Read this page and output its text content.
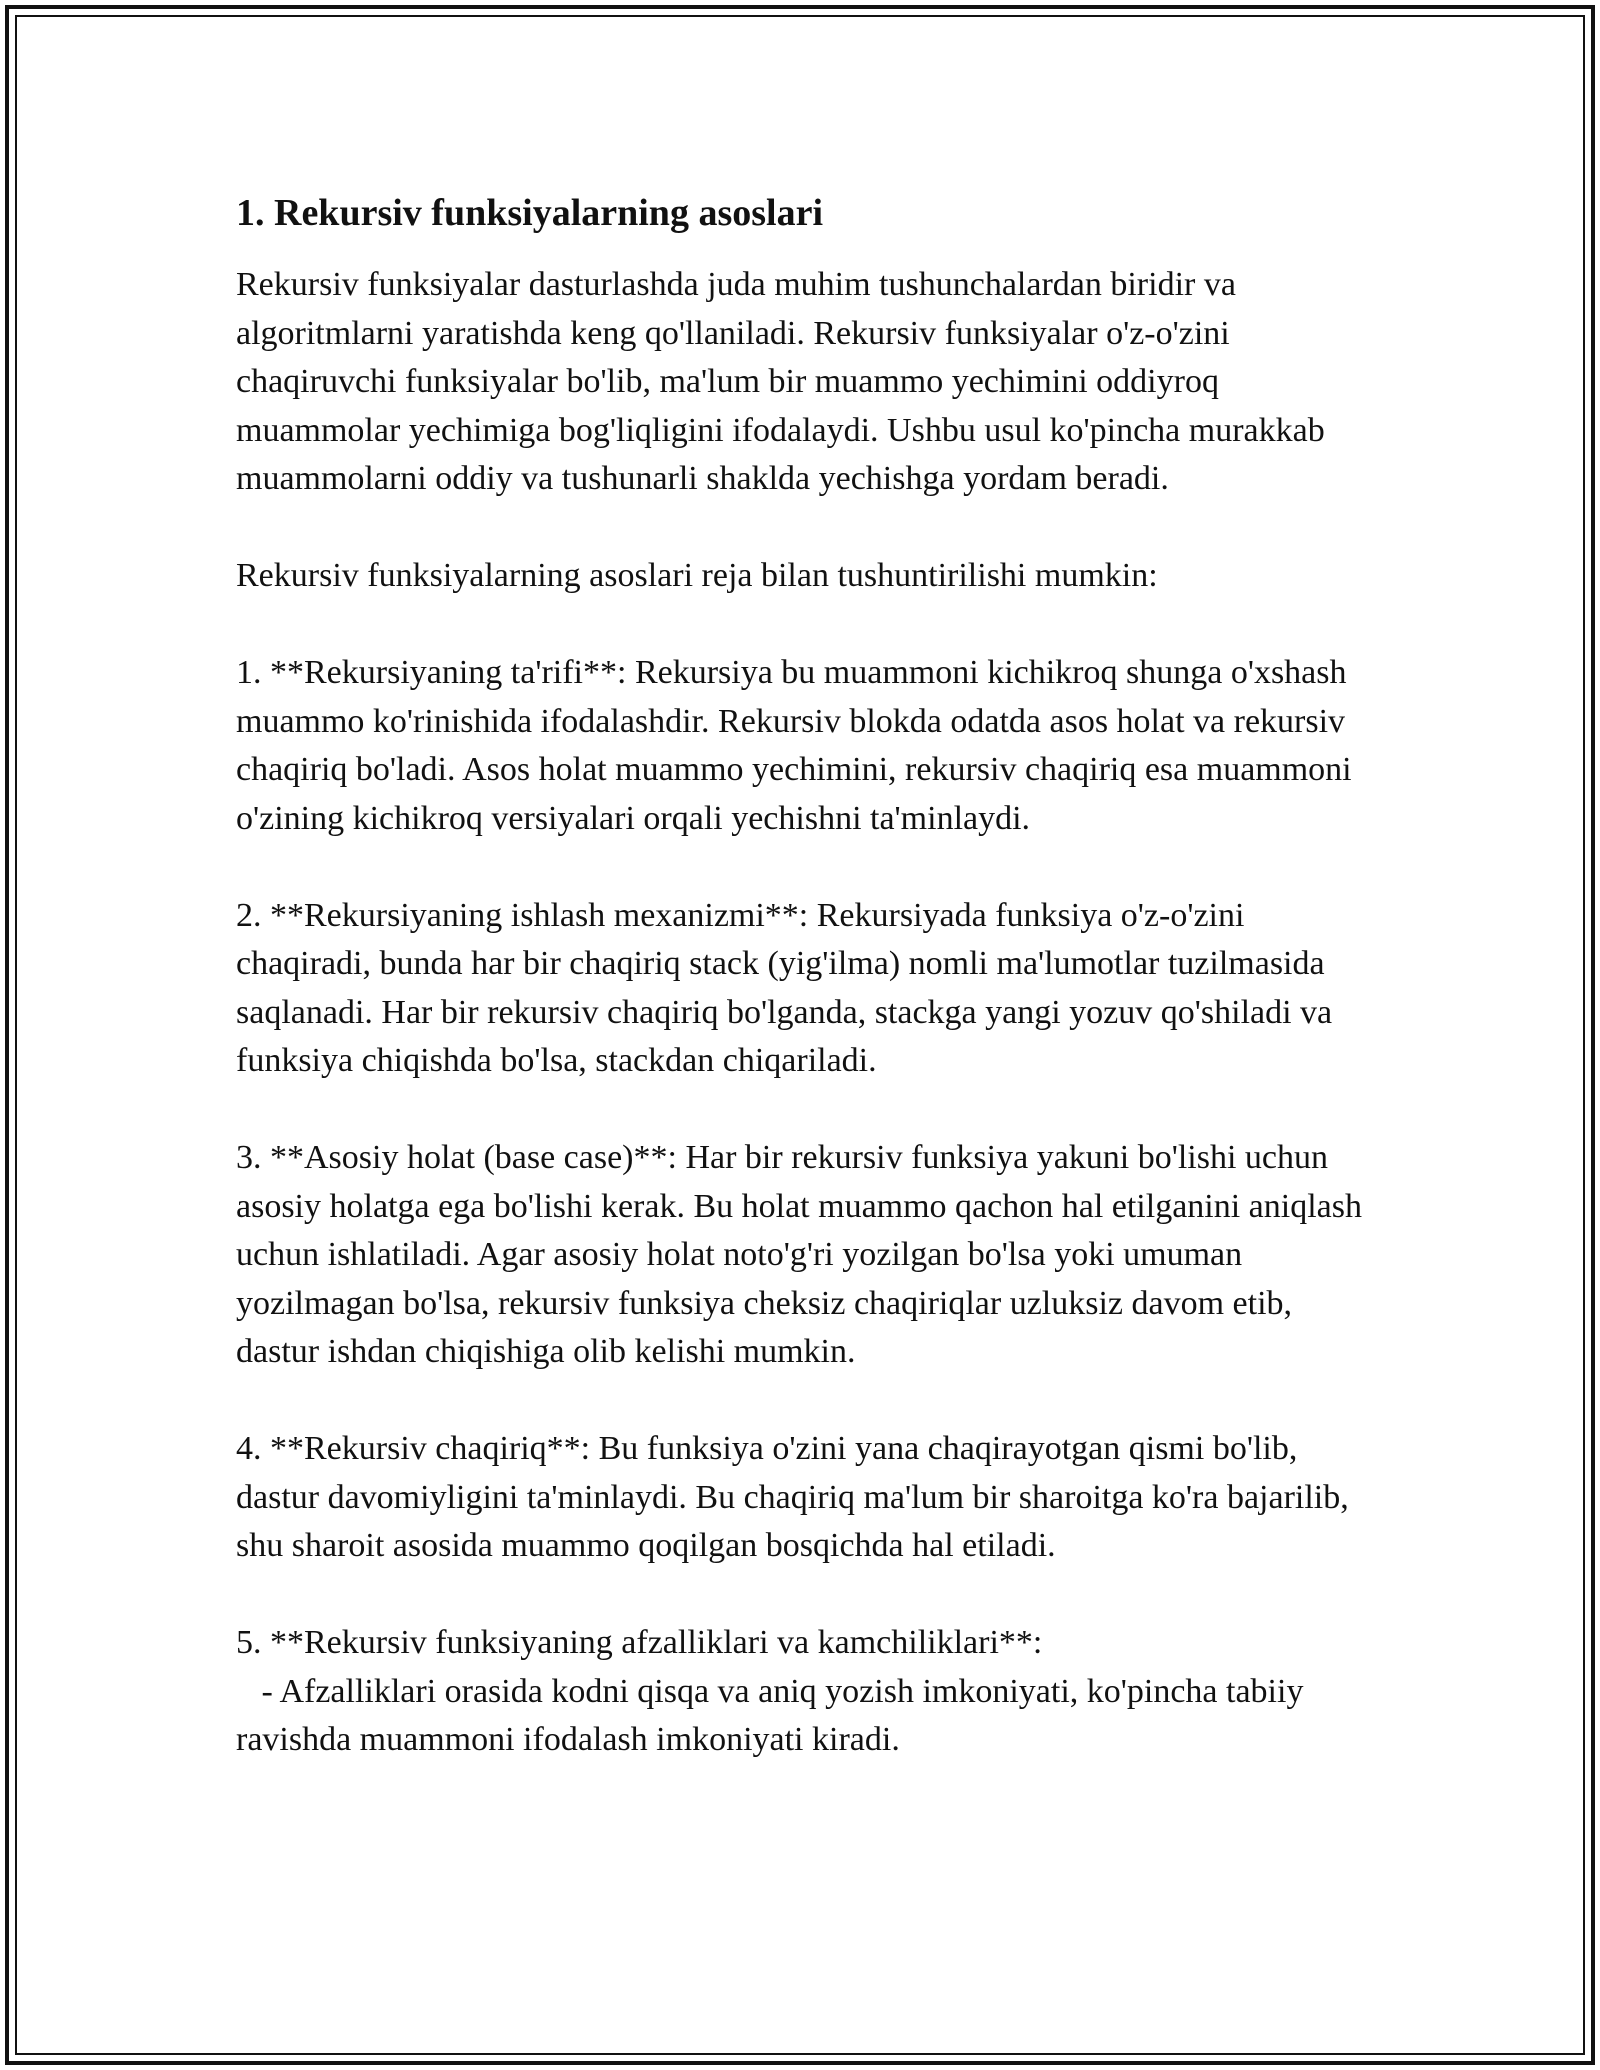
1. Rekursiv funksiyalarning asoslari

Rekursiv funksiyalar dasturlashda juda muhim tushunchalardan biridir va algoritmlarni yaratishda keng qo'llaniladi. Rekursiv funksiyalar o'z-o'zini chaqiruvchi funksiyalar bo'lib, ma'lum bir muammo yechimini oddiyroq muammolar yechimiga bog'liqligini ifodalaydi. Ushbu usul ko'pincha murakkab muammolarni oddiy va tushunarli shaklda yechishga yordam beradi.

Rekursiv funksiyalarning asoslari reja bilan tushuntirilishi mumkin:

1. **Rekursiyaning ta'rifi**: Rekursiya bu muammoni kichikroq shunga o'xshash muammo ko'rinishida ifodalashdir. Rekursiv blokda odatda asos holat va rekursiv chaqiriq bo'ladi. Asos holat muammo yechimini, rekursiv chaqiriq esa muammoni o'zining kichikroq versiyalari orqali yechishni ta'minlaydi.

2. **Rekursiyaning ishlash mexanizmi**: Rekursiyada funksiya o'z-o'zini chaqiradi, bunda har bir chaqiriq stack (yig'ilma) nomli ma'lumotlar tuzilmasida saqlanadi. Har bir rekursiv chaqiriq bo'lganda, stackga yangi yozuv qo'shiladi va funksiya chiqishda bo'lsa, stackdan chiqariladi.

3. **Asosiy holat (base case)**: Har bir rekursiv funksiya yakuni bo'lishi uchun asosiy holatga ega bo'lishi kerak. Bu holat muammo qachon hal etilganini aniqlash uchun ishlatiladi. Agar asosiy holat noto'g'ri yozilgan bo'lsa yoki umuman yozilmagan bo'lsa, rekursiv funksiya cheksiz chaqiriqlar uzluksiz davom etib, dastur ishdan chiqishiga olib kelishi mumkin.

4. **Rekursiv chaqiriq**: Bu funksiya o'zini yana chaqirayotgan qismi bo'lib, dastur davomiyligini ta'minlaydi. Bu chaqiriq ma'lum bir sharoitga ko'ra bajarilib, shu sharoit asosida muammo qoqilgan bosqichda hal etiladi.

5. **Rekursiv funksiyaning afzalliklari va kamchiliklari**:
- Afzalliklari orasida kodni qisqa va aniq yozish imkoniyati, ko'pincha tabiiy ravishda muammoni ifodalash imkoniyati kiradi.
